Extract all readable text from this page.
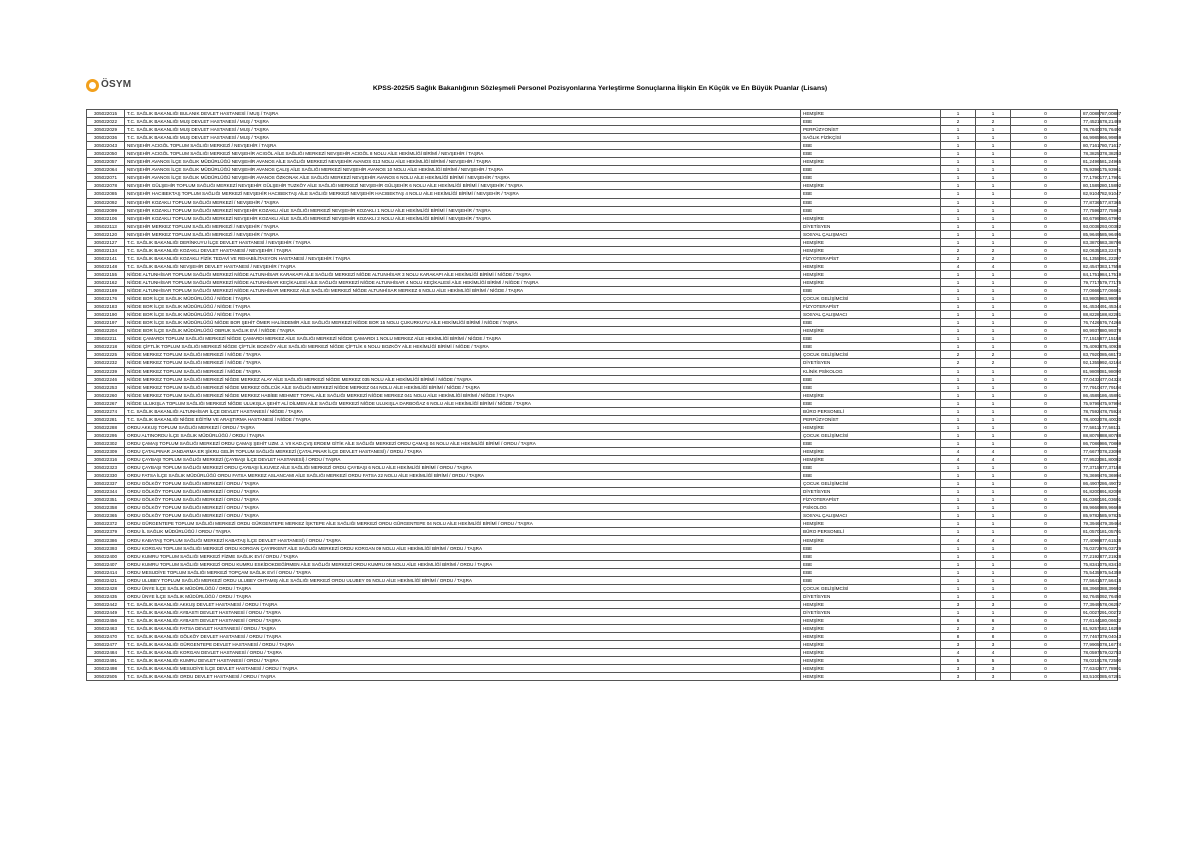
ÖSYM	KPSS-2025/5 Sağlık Bakanlığının Sözleşmeli Personel Pozisyonlarına Yerleştirme Sonuçlarına İlişkin En Küçük ve En Büyük Puanlar (Lisans)
305022015	T.C. SAĞLIK BAKANLIĞI BULANIK DEVLET HASTANESİ / MUŞ / TAŞRA	HEMŞİRE	1	1	0	87,00887	87,00887
305022022	T.C. SAĞLIK BAKANLIĞI MUŞ DEVLET HASTANESİ / MUŞ / TAŞRA	EBE	2	2	0	77,45216	78,21489
305022029	T.C. SAĞLIK BAKANLIĞI MUŞ DEVLET HASTANESİ / MUŞ / TAŞRA	PERFÜZYONİST	1	1	0	76,76400	76,76400
305022036	T.C. SAĞLIK BAKANLIĞI MUŞ DEVLET HASTANESİ / MUŞ / TAŞRA	SAĞLIK FİZİKÇİSİ	1	1	0	66,99859	66,99859
305022043	NEVŞEHİR ACIGÖL TOPLUM SAĞLIĞI MERKEZİ / NEVŞEHİR / TAŞRA	EBE	1	1	0	80,71617	80,71617
305022050	NEVŞEHİR ACIGÖL TOPLUM SAĞLIĞI MERKEZİ NEVŞEHİR ACIGÖL AİLE SAĞLIĞI MERKEZİ NEVŞEHİR ACIGÖL 8 NOLU AİLE HEKİMLİĞİ BİRİMİ / NEVŞEHİR / TAŞRA	EBE	1	1	0	78,38253	78,38253
305022057	NEVŞEHİR AVANOS İLÇE SAĞLIK MÜDÜRLÜĞÜ NEVŞEHİR AVANOS AİLE SAĞLIĞI MERKEZİ NEVŞEHİR AVANOS 013 NOLU AİLE HEKİMLİĞİ BİRİMİ / NEVŞEHİR / TAŞRA	HEMŞİRE	1	1	0	81,24965	81,24965
305022064	NEVŞEHİR AVANOS İLÇE SAĞLIK MÜDÜRLÜĞÜ NEVŞEHİR AVANOS ÇALIŞ AİLE SAĞLIĞI MERKEZİ NEVŞEHİR AVANOS 10 NOLU AİLE HEKİMLİĞİ BİRİMİ / NEVŞEHİR / TAŞRA	EBE	1	1	0	75,93961	75,93961
305022071	NEVŞEHİR AVANOS İLÇE SAĞLIK MÜDÜRLÜĞÜ NEVŞEHİR AVANOS ÖZKONAK AİLE SAĞLIĞI MERKEZİ NEVŞEHİR AVANOS 6 NOLU AİLE HEKİMLİĞİ BİRİMİ / NEVŞEHİR / TAŞRA	EBE	1	1	0	77,17901	77,17901
305022078	NEVŞEHİR GÜLŞEHİR TOPLUM SAĞLIĞI MERKEZİ NEVŞEHİR GÜLŞEHİR TUZKÖY AİLE SAĞLIĞI MERKEZİ NEVŞEHİR GÜLŞEHİR 6 NOLU AİLE HEKİMLİĞİ BİRİMİ / NEVŞEHİR / TAŞRA	HEMŞİRE	1	1	0	80,15892	80,15892
305022085	NEVŞEHİR HACIBEKTAŞ TOPLUM SAĞLIĞI MERKEZİ NEVŞEHİR HACIBEKTAŞ AİLE SAĞLIĞI MERKEZİ NEVŞEHİR HACIBEKTAŞ 4 NOLU AİLE HEKİMLİĞİ BİRİMİ / NEVŞEHİR / TAŞRA	EBE	1	1	0	82,91047	82,91047
305022092	NEVŞEHİR KOZAKLI TOPLUM SAĞLIĞI MERKEZİ / NEVŞEHİR / TAŞRA	EBE	1	1	0	77,87365	77,87365
305022099	NEVŞEHİR KOZAKLI TOPLUM SAĞLIĞI MERKEZİ NEVŞEHİR KOZAKLI AİLE SAĞLIĞI MERKEZİ NEVŞEHİR KOZAKLI 1 NOLU AİLE HEKİMLİĞİ BİRİMİ / NEVŞEHİR / TAŞRA	EBE	1	1	0	77,75963	77,75963
305022106	NEVŞEHİR KOZAKLI TOPLUM SAĞLIĞI MERKEZİ NEVŞEHİR KOZAKLI AİLE SAĞLIĞI MERKEZİ NEVŞEHİR KOZAKLI 2 NOLU AİLE HEKİMLİĞİ BİRİMİ / NEVŞEHİR / TAŞRA	HEMŞİRE	1	1	0	80,67990	80,67990
305022113	NEVŞEHİR MERKEZ TOPLUM SAĞLIĞI MERKEZİ / NEVŞEHİR / TAŞRA	DİYETİSYEN	1	1	0	93,00382	93,00382
305022120	NEVŞEHİR MERKEZ TOPLUM SAĞLIĞI MERKEZİ / NEVŞEHİR / TAŞRA	SOSYAL ÇALIŞMACI	1	1	0	85,96495	85,96495
305022127	T.C. SAĞLIK BAKANLIĞI DERİNKUYU İLÇE DEVLET HASTANESİ / NEVŞEHİR / TAŞRA	HEMŞİRE	1	1	0	83,38706	83,38706
305022134	T.C. SAĞLIK BAKANLIĞI KOZAKLI DEVLET HASTANESİ / NEVŞEHİR / TAŞRA	HEMŞİRE	2	2	0	82,06351	83,22475
305022141	T.C. SAĞLIK BAKANLIĞI KOZAKLI FİZİK TEDAVİ VE REHABİLİTASYON HASTANESİ / NEVŞEHİR / TAŞRA	FİZYOTERAPİST	2	2	0	91,13550	91,22297
305022148	T.C. SAĞLIK BAKANLIĞI NEVŞEHİR DEVLET HASTANESİ / NEVŞEHİR / TAŞRA	HEMŞİRE	4	4	0	82,45473	83,17558
305022155	NİĞDE ALTUNHİSAR TOPLUM SAĞLIĞI MERKEZİ NİĞDE ALTUNHİSAR KARAKAPI AİLE SAĞLIĞI MERKEZİ NİĞDE ALTUNHİSAR 3 NOLU KARAKAPI AİLE HEKİMLİĞİ BİRİMİ / NİĞDE / TAŞRA	HEMŞİRE	1	1	0	84,17519	84,17519
305022162	NİĞDE ALTUNHİSAR TOPLUM SAĞLIĞI MERKEZİ NİĞDE ALTUNHİSAR KEÇİKALESİ AİLE SAĞLIĞI MERKEZİ NİĞDE ALTUNHİSAR 4 NOLU KEÇİKALESİ AİLE HEKİMLİĞİ BİRİMİ / NİĞDE / TAŞRA	HEMŞİRE	1	1	0	79,77175	79,77175
305022169	NİĞDE ALTUNHİSAR TOPLUM SAĞLIĞI MERKEZİ NİĞDE ALTUNHİSAR MERKEZ AİLE SAĞLIĞI MERKEZİ NİĞDE ALTUNHİSAR MERKEZ 6 NOLU AİLE HEKİMLİĞİ BİRİMİ / NİĞDE / TAŞRA	EBE	1	1	0	77,06661	77,06661
305022176	NİĞDE BOR İLÇE SAĞLIK MÜDÜRLÜĞÜ / NİĞDE / TAŞRA	ÇOCUK GELİŞİMCİSİ	1	1	0	83,98059	83,98059
305022183	NİĞDE BOR İLÇE SAĞLIK MÜDÜRLÜĞÜ / NİĞDE / TAŞRA	FİZYOTERAPİST	1	1	0	91,45344	91,45344
305022190	NİĞDE BOR İLÇE SAĞLIK MÜDÜRLÜĞÜ / NİĞDE / TAŞRA	SOSYAL ÇALIŞMACI	1	1	0	88,82281	88,82281
305022197	NİĞDE BOR İLÇE SAĞLIK MÜDÜRLÜĞÜ NİĞDE BOR ŞEHİT ÖMER HALİSDEMİR AİLE SAĞLIĞI MERKEZİ NİĞDE BOR 15 NOLU ÇUKURKUYU AİLE HEKİMLİĞİ BİRİMİ / NİĞDE / TAŞRA	EBE	1	1	0	76,74266	76,74266
305022204	NİĞDE BOR İLÇE SAĞLIK MÜDÜRLÜĞÜ OBRUK SAĞLIK EVİ / NİĞDE / TAŞRA	HEMŞİRE	1	1	0	80,99378	80,99378
305022211	NİĞDE ÇAMARDI TOPLUM SAĞLIĞI MERKEZİ NİĞDE ÇAMARDI MERKEZ AİLE SAĞLIĞI MERKEZİ NİĞDE ÇAMARDI 1 NOLU MERKEZ AİLE HEKİMLİĞİ BİRİMİ / NİĞDE / TAŞRA	EBE	1	1	0	77,15158	77,15158
305022218	NİĞDE ÇİFTLİK TOPLUM SAĞLIĞI MERKEZİ NİĞDE ÇİFTLİK BOZKÖY AİLE SAĞLIĞI MERKEZİ NİĞDE ÇİFTLİK 6 NOLU BOZKÖY AİLE HEKİMLİĞİ BİRİMİ / NİĞDE / TAŞRA	EBE	1	1	0	75,40938	75,40938
305022225	NİĞDE MERKEZ TOPLUM SAĞLIĞI MERKEZİ / NİĞDE / TAŞRA	ÇOCUK GELİŞİMCİSİ	2	2	0	83,79200	85,68173
305022232	NİĞDE MERKEZ TOPLUM SAĞLIĞI MERKEZİ / NİĞDE / TAŞRA	DİYETİSYEN	2	2	0	92,13559	92,42164
305022239	NİĞDE MERKEZ TOPLUM SAĞLIĞI MERKEZİ / NİĞDE / TAŞRA	KLİNİK PSİKOLOG	1	1	0	81,98090	81,98090
305022246	NİĞDE MERKEZ TOPLUM SAĞLIĞI MERKEZİ NİĞDE MERKEZ ALAY AİLE SAĞLIĞI MERKEZİ NİĞDE MERKEZ 035 NOLU AİLE HEKİMLİĞİ BİRİMİ / NİĞDE / TAŞRA	EBE	1	1	0	77,04324	77,04324
305022253	NİĞDE MERKEZ TOPLUM SAĞLIĞI MERKEZİ NİĞDE MERKEZ GÖLCÜK AİLE SAĞLIĞI MERKEZİ NİĞDE MERKEZ 044 NOLU AİLE HEKİMLİĞİ BİRİMİ / NİĞDE / TAŞRA	EBE	1	1	0	77,79104	77,79104
305022260	NİĞDE MERKEZ TOPLUM SAĞLIĞI MERKEZİ NİĞDE MERKEZ HABİBE MEHMET TOPAL AİLE SAĞLIĞI MERKEZİ NİĞDE MERKEZ 041 NOLU AİLE HEKİMLİĞİ BİRİMİ / NİĞDE / TAŞRA	HEMŞİRE	1	1	0	86,45891	86,45891
305022267	NİĞDE ULUKIŞLA TOPLUM SAĞLIĞI MERKEZİ NİĞDE ULUKIŞLA ŞEHİT ALİ DİLMEN AİLE SAĞLIĞI MERKEZİ NİĞDE ULUKIŞLA DARBOĞAZ 6 NOLU AİLE HEKİMLİĞİ BİRİMİ / NİĞDE / TAŞRA	EBE	1	1	0	75,97994	75,97994
305022274	T.C. SAĞLIK BAKANLIĞI ALTUNHİSAR İLÇE DEVLET HASTANESİ / NİĞDE / TAŞRA	BÜRO PERSONELİ	1	1	0	78,75924	78,75924
305022281	T.C. SAĞLIK BAKANLIĞI NİĞDE EĞİTİM VE ARAŞTIRMA HASTANESİ / NİĞDE / TAŞRA	PERFÜZYONİST	1	1	0	78,40020	78,40020
305022288	ORDU AKKUŞ TOPLUM SAĞLIĞI MERKEZİ / ORDU / TAŞRA	HEMŞİRE	1	1	0	77,58111	77,58111
305022295	ORDU ALTINORDU İLÇE SAĞLIK MÜDÜRLÜĞÜ / ORDU / TAŞRA	ÇOCUK GELİŞİMCİSİ	1	1	0	88,80788	88,80788
305022302	ORDU ÇAMAŞ TOPLUM SAĞLIĞI MERKEZİ ORDU ÇAMAŞ ŞEHİT UZM. J. VII KAD.ÇVŞ ERDEM GİTİK AİLE SAĞLIĞI MERKEZİ ORDU ÇAMAŞ 04 NOLU AİLE HEKİMLİĞİ BİRİMİ / ORDU / TAŞRA	EBE	1	1	0	86,70869	86,70869
305022309	ORDU ÇATALPINAR JANDARMA ER ŞİKRU GELİR TOPLUM SAĞLIĞI MERKEZİ (ÇATALPINAR İLÇE DEVLET HASTANESİ) / ORDU / TAŞRA	HEMŞİRE	4	4	0	77,66770	78,23098
305022316	ORDU ÇAYBAŞI TOPLUM SAĞLIĞI MERKEZİ (ÇAYBAŞI İLÇE DEVLET HASTANESİ) / ORDU / TAŞRA	HEMŞİRE	4	4	0	77,95220	81,80082
305022323	ORDU ÇAYBAŞI TOPLUM SAĞLIĞI MERKEZİ ORDU ÇAYBAŞI İLKUVEZ AİLE SAĞLIĞI MERKEZİ ORDU ÇAYBAŞI 6 NOLU AİLE HEKİMLİĞİ BİRİMİ / ORDU / TAŞRA	EBE	1	1	0	77,37158	77,37158
305022330	ORDU FATSA İLÇE SAĞLIK MÜDÜRLÜĞÜ ORDU FATSA MERKEZ ASLANCAMI AİLE SAĞLIĞI MERKEZİ ORDU FATSA 22 NOLU AİLE HEKİMLİĞİ BİRİMİ / ORDU / TAŞRA	EBE	1	1	0	76,36994	76,36994
305022337	ORDU GÖLKÖY TOPLUM SAĞLIĞI MERKEZİ / ORDU / TAŞRA	ÇOCUK GELİŞİMCİSİ	1	1	0	86,49072	86,49072
305022344	ORDU GÖLKÖY TOPLUM SAĞLIĞI MERKEZİ / ORDU / TAŞRA	DİYETİSYEN	1	1	0	91,82008	91,82008
305022351	ORDU GÖLKÖY TOPLUM SAĞLIĞI MERKEZİ / ORDU / TAŞRA	FİZYOTERAPİST	1	1	0	91,03601	91,03601
305022358	ORDU GÖLKÖY TOPLUM SAĞLIĞI MERKEZİ / ORDU / TAŞRA	PSİKOLOG	1	1	0	89,96669	89,96669
305022365	ORDU GÖLKÖY TOPLUM SAĞLIĞI MERKEZİ / ORDU / TAŞRA	SOSYAL ÇALIŞMACI	1	1	0	85,97825	85,97825
305022372	ORDU GÜRGENTEPE TOPLUM SAĞLIĞI MERKEZİ ORDU GÜRGENTEPE MERKEZ İŞKTEPE AİLE SAĞLIĞI MERKEZİ ORDU GÜRGENTEPE 04 NOLU AİLE HEKİMLİĞİ BİRİMİ / ORDU / TAŞRA	HEMŞİRE	1	1	0	79,39464	79,39464
305022379	ORDU İL SAĞLIK MÜDÜRLÜĞÜ / ORDU / TAŞRA	BÜRO PERSONELİ	1	1	0	81,05701	81,05701
305022386	ORDU KABATAŞ TOPLUM SAĞLIĞI MERKEZİ KABATAŞ İLÇE DEVLET HASTANESİ) / ORDU / TAŞRA	HEMŞİRE	4	4	0	77,40988	77,61535
305022393	ORDU KORGAN TOPLUM SAĞLIĞI MERKEZİ ORDU KORGAN ÇAYIRKENT AİLE SAĞLIĞI MERKEZİ ORDU KORGAN 09 NOLU AİLE HEKİMLİĞİ BİRİMİ / ORDU / TAŞRA	EBE	1	1	0	76,03729	76,03729
305022400	ORDU KUMRU TOPLUM SAĞLIĞI MERKEZİ FİZME SAĞLIK EVİ / ORDU / TAŞRA	EBE	1	1	0	77,21928	77,21928
305022407	ORDU KUMRU TOPLUM SAĞLIĞI MERKEZİ ORDU KUMRU ESKİDOKDEĞİRMEN AİLE SAĞLIĞI MERKEZİ ORDU KUMRU 09 NOLU AİLE HEKİMLİĞİ BİRİMİ / ORDU / TAŞRA	EBE	1	1	0	75,83410	75,83410
305022414	ORDU MESUDİYE TOPLUM SAĞLIĞI MERKEZİ TOPÇAM SAĞLIK EVİ / ORDU / TAŞRA	EBE	1	1	0	75,54359	75,54359
305022421	ORDU ULUBEY TOPLUM SAĞLIĞI MERKEZİ ORDU ULUBEY OHTAMIŞ AİLE SAĞLIĞI MERKEZİ ORDU ULUBEY 05 NOLU AİLE HEKİMLİĞİ BİRİMİ / ORDU / TAŞRA	EBE	1	1	0	77,56415	77,56415
305022428	ORDU ÜNYE İLÇE SAĞLIK MÜDÜRLÜĞÜ / ORDU / TAŞRA	ÇOCUK GELİŞİMCİSİ	1	1	0	88,39693	88,39693
305022435	ORDU ÜNYE İLÇE SAĞLIK MÜDÜRLÜĞÜ / ORDU / TAŞRA	DİYETİSYEN	1	1	0	92,76450	92,76450
305022442	T.C. SAĞLIK BAKANLIĞI AKKUŞ DEVLET HASTANESİ / ORDU / TAŞRA	HEMŞİRE	3	3	0	77,39495	78,06257
305022449	T.C. SAĞLIK BAKANLIĞI AYBASTI DEVLET HASTANESİ / ORDU / TAŞRA	DİYETİSYEN	1	1	0	91,00272	91,00272
305022456	T.C. SAĞLIK BAKANLIĞI AYBASTI DEVLET HASTANESİ / ORDU / TAŞRA	HEMŞİRE	6	6	0	77,61441	80,06632
305022463	T.C. SAĞLIK BAKANLIĞI FATSA DEVLET HASTANESİ / ORDU / TAŞRA	HEMŞİRE	2	2	0	81,92571	82,16259
305022470	T.C. SAĞLIK BAKANLIĞI GÖLKÖY DEVLET HASTANESİ / ORDU / TAŞRA	HEMŞİRE	8	8	0	77,74673	79,04043
305022477	T.C. SAĞLIK BAKANLIĞI GÜRGENTEPE DEVLET HASTANESİ / ORDU / TAŞRA	HEMŞİRE	3	3	0	77,99050	78,16774
305022484	T.C. SAĞLIK BAKANLIĞI KORGAN DEVLET HASTANESİ / ORDU / TAŞRA	HEMŞİRE	4	4	0	78,05975	79,02753
305022491	T.C. SAĞLIK BAKANLIĞI KUMRU DEVLET HASTANESİ / ORDU / TAŞRA	HEMŞİRE	5	5	0	78,02191	78,72500
305022498	T.C. SAĞLIK BAKANLIĞI MESUDİYE İLÇE DEVLET HASTANESİ / ORDU / TAŞRA	HEMŞİRE	3	3	0	77,63426	77,78901
305022505	T.C. SAĞLIK BAKANLIĞI ORDU DEVLET HASTANESİ / ORDU / TAŞRA	HEMŞİRE	3	3	0	83,51000	85,67281
